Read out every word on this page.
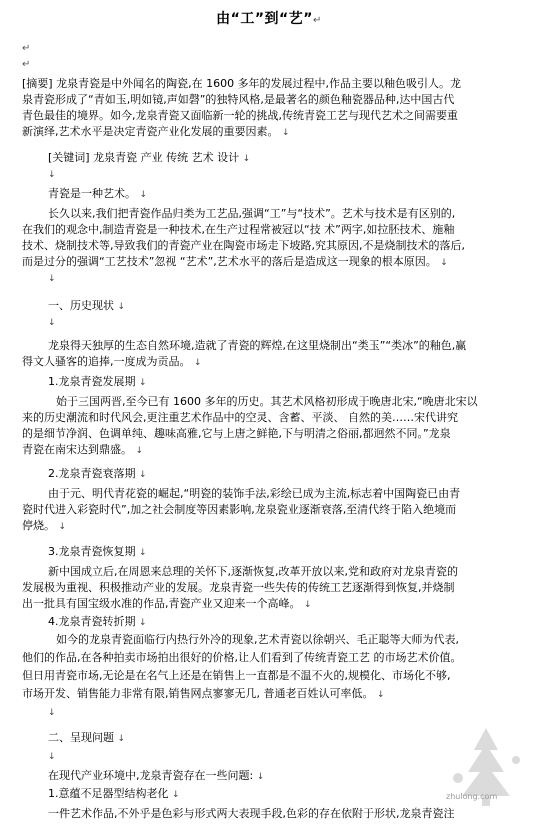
由“工”到“艺”↵
↵
↵
[摘要] 龙泉青瓷是中外闻名的陶瓷,在 1600 多年的发展过程中,作品主要以釉色吸引人。龙
泉青瓷形成了“青如玉,明如镜,声如磬”的独特风格,是最著名的颜色釉瓷器品种,达中国古代
青色最佳的境界。如今,龙泉青瓷又面临新一轮的挑战,传统青瓷工艺与现代艺术之间需要重
新演绎,艺术水平是决定青瓷产业化发展的重要因素。 ↓
[关键词] 龙泉青瓷 产业 传统 艺术 设计 ↓
↓
青瓷是一种艺术。 ↓
长久以来,我们把青瓷作品归类为工艺品,强调“工”与“技术”。艺术与技术是有区别的,
在我们的观念中,制造青瓷是一种技术,在生产过程常被冠以“技 术”两字,如拉胚技术、施釉
技术、烧制技术等,导致我们的青瓷产业在陶瓷市场走下坡路,究其原因,不是烧制技术的落后,
而是过分的强调“工艺技术”忽视 “艺术”,艺术水平的落后是造成这一现象的根本原因。 ↓
↓
一、历史现状 ↓
↓
龙泉得天独厚的生态自然环境,造就了青瓷的辉煌,在这里烧制出“类玉”“类冰”的釉色,赢
得文人骚客的追捧,一度成为贡品。 ↓
1.龙泉青瓷发展期 ↓
始于三国两晋,至今已有 1600 多年的历史。其艺术风格初形成于晚唐北宋,“晚唐北宋以
来的历史潮流和时代风会,更注重艺术作品中的空灵、含蓄、平淡、 自然的美……宋代讲究
的是细节净润、色调单纯、趣味高雅,它与上唐之鲜艳,下与明清之俗丽,都迥然不同。”龙泉
青瓷在南宋达到鼎盛。 ↓
2.龙泉青瓷衰落期 ↓
由于元、明代青花瓷的崛起,“明瓷的装饰手法,彩绘已成为主流,标志着中国陶瓷已由青
瓷时代进入彩瓷时代”,加之社会制度等因素影响,龙泉瓷业逐渐衰落,至清代终于陷入绝境而
停烧。 ↓
3.龙泉青瓷恢复期 ↓
新中国成立后,在周恩来总理的关怀下,逐渐恢复,改革开放以来,党和政府对龙泉青瓷的
发展极为重视、积极推动产业的发展。龙泉青瓷一些失传的传统工艺逐渐得到恢复,并烧制
出一批具有国宝级水准的作品,青瓷产业又迎来一个高峰。 ↓
4.龙泉青瓷转折期 ↓
如今的龙泉青瓷面临行内热行外冷的现象,艺术青瓷以徐朝兴、毛正聪等大师为代表,
他们的作品,在各种拍卖市场拍出很好的价格,让人们看到了传统青瓷工艺 的市场艺术价值。
但日用青瓷市场,无论是在名气上还是在销售上一直都是不温不火的,规模化、市场化不够,
市场开发、销售能力非常有限,销售网点寥寥无几, 普通老百姓认可率低。 ↓
↓
二、呈现问题 ↓
↓
在现代产业环境中,龙泉青瓷存在一些问题: ↓
1.意蕴不足器型结构老化 ↓
一件艺术作品,不外乎是色彩与形式两大表现手段,色彩的存在依附于形状,龙泉青瓷注
zhulong.com
